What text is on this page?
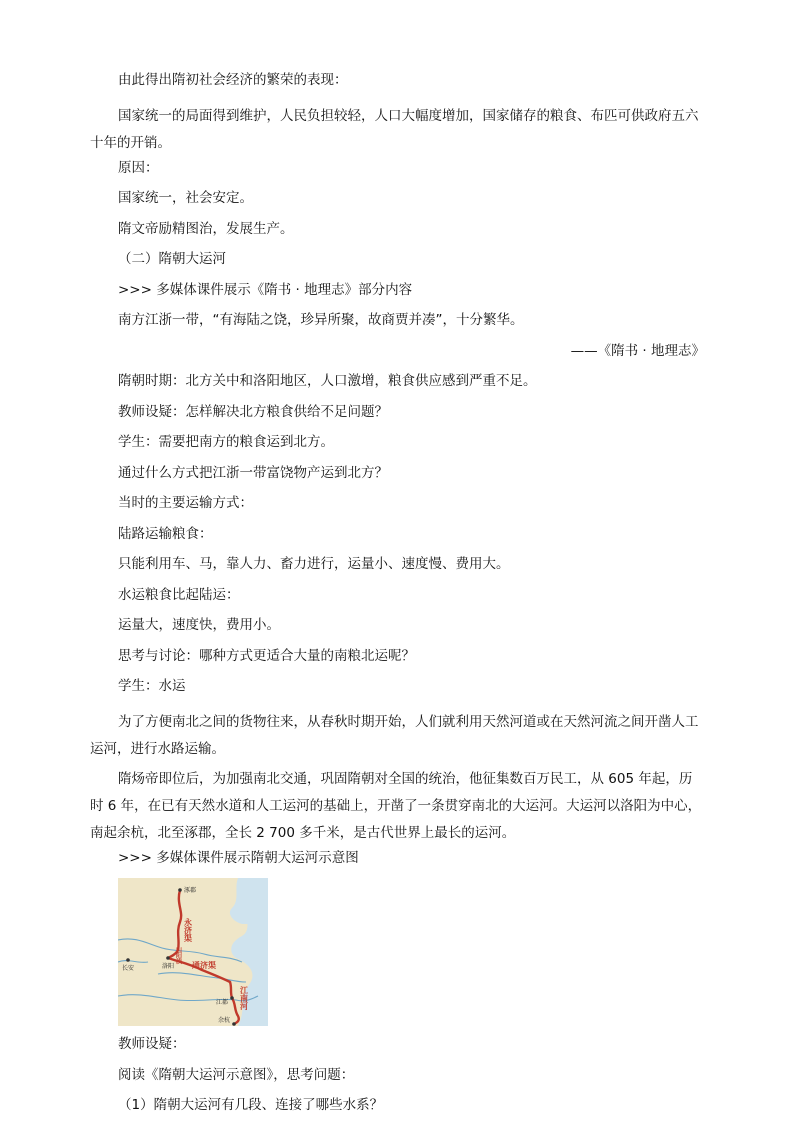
由此得出隋初社会经济的繁荣的表现：
国家统一的局面得到维护，人民负担较轻，人口大幅度增加，国家储存的粮食、布匹可供政府五六十年的开销。
原因：
国家统一，社会安定。
隋文帝励精图治，发展生产。
（二）隋朝大运河
>>> 多媒体课件展示《隋书 · 地理志》部分内容
南方江浙一带，“有海陆之饶，珍异所聚，故商贾并凑”，十分繁华。
——《隋书 · 地理志》
隋朝时期：北方关中和洛阳地区，人口激增，粮食供应感到严重不足。
教师设疑：怎样解决北方粮食供给不足问题？
学生：需要把南方的粮食运到北方。
通过什么方式把江浙一带富饶物产运到北方？
当时的主要运输方式：
陆路运输粮食：
只能利用车、马，靠人力、畜力进行，运量小、速度慢、费用大。
水运粮食比起陆运：
运量大，速度快，费用小。
思考与讨论：哪种方式更适合大量的南粮北运呢？
学生：水运
为了方便南北之间的货物往来，从春秋时期开始，人们就利用天然河道或在天然河流之间开凿人工运河，进行水路运输。
隋炀帝即位后，为加强南北交通，巩固隋朝对全国的统治，他征集数百万民工，从 605 年起，历时 6 年，在已有天然水道和人工运河的基础上，开凿了一条贯穿南北的大运河。大运河以洛阳为中心，南起余杭，北至涿郡，全长 2 700 多千米，是古代世界上最长的运河。
>>> 多媒体课件展示隋朝大运河示意图
涿郡
长安	洛阳
江都
余杭
永济渠
通济渠
山阳渎
江南河
教师设疑：
阅读《隋朝大运河示意图》，思考问题：
（1）隋朝大运河有几段、连接了哪些水系？
